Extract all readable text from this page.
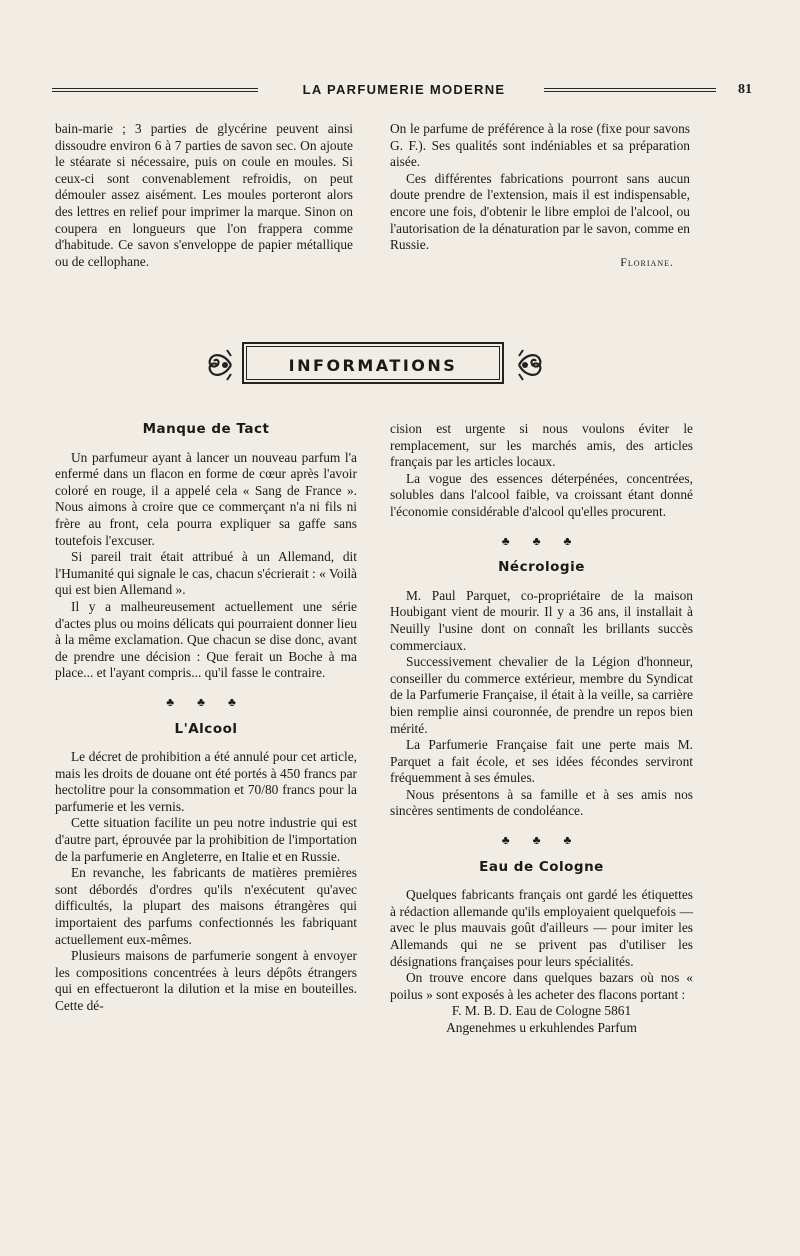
LA PARFUMERIE MODERNE	81

bain-marie ; 3 parties de glycérine peuvent ainsi dissoudre environ 6 à 7 parties de savon sec. On ajoute le stéarate si nécessaire, puis on coule en moules. Si ceux-ci sont convenablement refroidis, on peut démouler assez aisément. Les moules porteront alors des lettres en relief pour imprimer la marque. Sinon on coupera en longueurs que l'on frappera comme d'habitude. Ce savon s'enveloppe de papier métallique ou de cellophane.

On le parfume de préférence à la rose (fixe pour savons G. F.). Ses qualités sont indéniables et sa préparation aisée.

Ces différentes fabrications pourront sans aucun doute prendre de l'extension, mais il est indispensable, encore une fois, d'obtenir le libre emploi de l'alcool, ou l'autorisation de la dénaturation par le savon, comme en Russie.

Floriane.

INFORMATIONS
Manque de Tact

Un parfumeur ayant à lancer un nouveau parfum l'a enfermé dans un flacon en forme de cœur après l'avoir coloré en rouge, il a appelé cela « Sang de France ». Nous aimons à croire que ce commerçant n'a ni fils ni frère au front, cela pourra expliquer sa gaffe sans toutefois l'excuser.

Si pareil trait était attribué à un Allemand, dit l'Humanité qui signale le cas, chacun s'écrierait : « Voilà qui est bien Allemand ».

Il y a malheureusement actuellement une série d'actes plus ou moins délicats qui pourraient donner lieu à la même exclamation. Que chacun se dise donc, avant de prendre une décision : Que ferait un Boche à ma place... et l'ayant compris... qu'il fasse le contraire.

♣ ♣ ♣
L'Alcool

Le décret de prohibition a été annulé pour cet article, mais les droits de douane ont été portés à 450 francs par hectolitre pour la consommation et 70/80 francs pour la parfumerie et les vernis.

Cette situation facilite un peu notre industrie qui est d'autre part, éprouvée par la prohibition de l'importation de la parfumerie en Angleterre, en Italie et en Russie.

En revanche, les fabricants de matières premières sont débordés d'ordres qu'ils n'exécutent qu'avec difficultés, la plupart des maisons étrangères qui importaient des parfums confectionnés les fabriquant actuellement eux-mêmes.

Plusieurs maisons de parfumerie songent à envoyer les compositions concentrées à leurs dépôts étrangers qui en effectueront la dilution et la mise en bouteilles. Cette dé-

cision est urgente si nous voulons éviter le remplacement, sur les marchés amis, des articles français par les articles locaux.

La vogue des essences déterpénées, concentrées, solubles dans l'alcool faible, va croissant étant donné l'économie considérable d'alcool qu'elles procurent.

♣ ♣ ♣
Nécrologie

M. Paul Parquet, co-propriétaire de la maison Houbigant vient de mourir. Il y a 36 ans, il installait à Neuilly l'usine dont on connaît les brillants succès commerciaux.

Successivement chevalier de la Légion d'honneur, conseiller du commerce extérieur, membre du Syndicat de la Parfumerie Française, il était à la veille, sa carrière bien remplie ainsi couronnée, de prendre un repos bien mérité.

La Parfumerie Française fait une perte mais M. Parquet a fait école, et ses idées fécondes serviront fréquemment à ses émules.

Nous présentons à sa famille et à ses amis nos sincères sentiments de condoléance.

♣ ♣ ♣
Eau de Cologne

Quelques fabricants français ont gardé les étiquettes à rédaction allemande qu'ils employaient quelquefois — avec le plus mauvais goût d'ailleurs — pour imiter les Allemands qui ne se privent pas d'utiliser les désignations françaises pour leurs spécialités.

On trouve encore dans quelques bazars où nos « poilus » sont exposés à les acheter des flacons portant :

F. M. B. D. Eau de Cologne 5861

Angenehmes u erkuhlendes Parfum
